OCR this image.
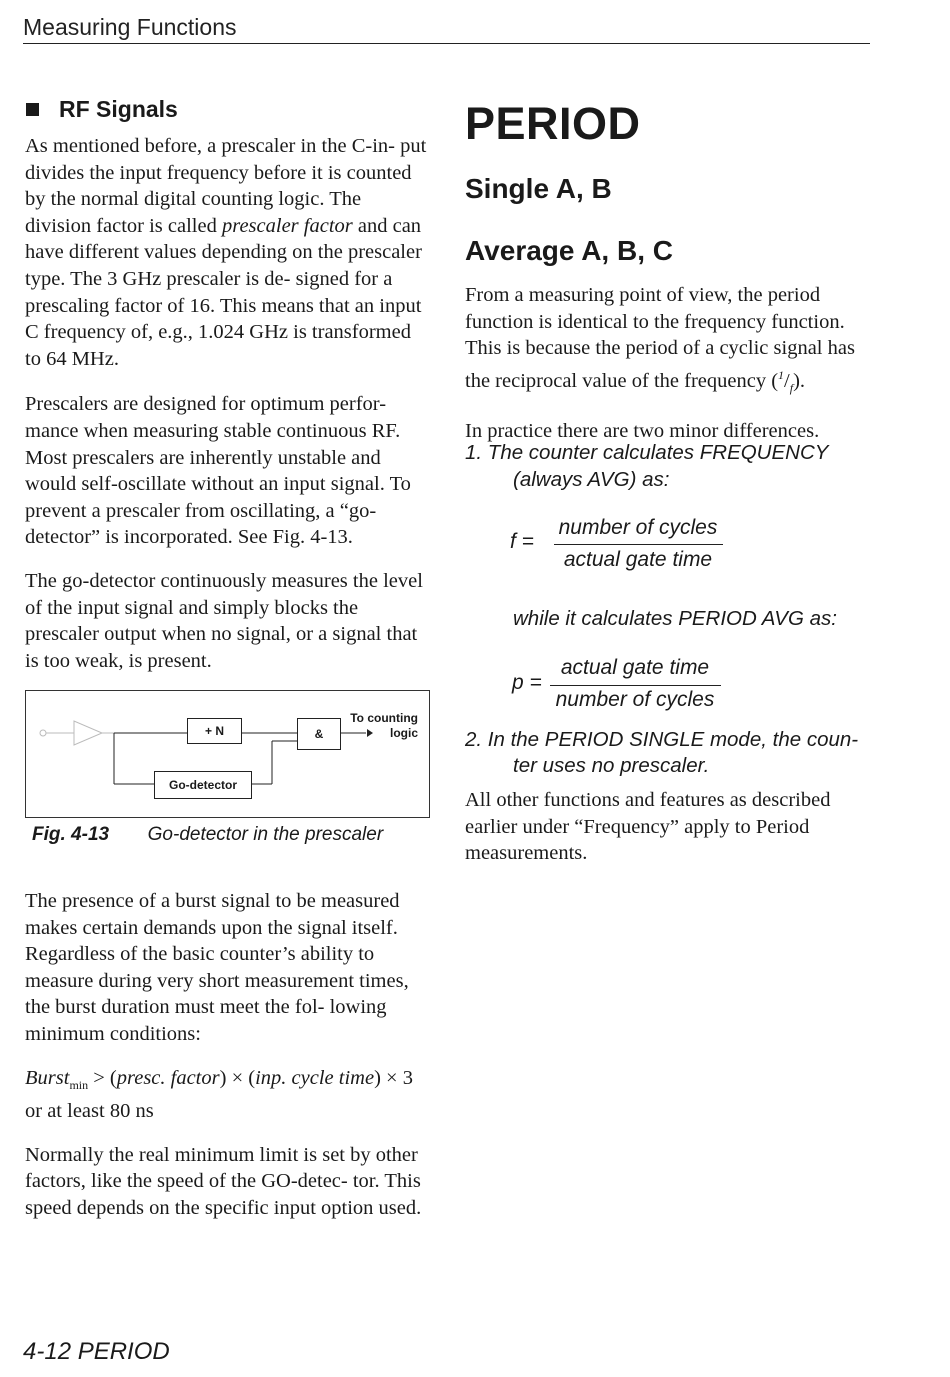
Measuring Functions
RF Signals

As mentioned before, a prescaler in the C-in- put divides the input frequency before it is counted by the normal digital counting logic. The division factor is called prescaler factor and can have different values depending on the prescaler type. The 3 GHz prescaler is de- signed for a prescaling factor of 16. This means that an input C frequency of, e.g., 1.024 GHz is transformed to 64 MHz.

Prescalers are designed for optimum perfor- mance when measuring stable continuous RF. Most prescalers are inherently unstable and would self-oscillate without an input signal. To prevent a prescaler from oscillating, a “go-detector” is incorporated. See Fig. 4-13.

The go-detector continuously measures the level of the input signal and simply blocks the prescaler output when no signal, or a signal that is too weak, is present.

+ N	&
Go-detector
To counting
logic
Fig. 4-13 Go-detector in the prescaler

The presence of a burst signal to be measured makes certain demands upon the signal itself. Regardless of the basic counter’s ability to measure during very short measurement times, the burst duration must meet the fol- lowing minimum conditions:

Burst$_{min}$ > (presc. factor) × (inp. cycle time) × 3

or at least 80 ns

Normally the real minimum limit is set by other factors, like the speed of the GO-detec- tor. This speed depends on the specific input option used.

PERIOD
Single A, B
Average A, B, C

From a measuring point of view, the period function is identical to the frequency function. This is because the period of a cyclic signal has the reciprocal value of the frequency $(^1/_f)$.

In practice there are two minor differences.

1. The counter calculates FREQUENCY
(always AVG) as:
f =
number of cycles
actual gate time
while it calculates PERIOD AVG as:
p =
actual gate time
number of cycles
2. In the PERIOD SINGLE mode, the coun-
ter uses no prescaler.

All other functions and features as described earlier under “Frequency” apply to Period measurements.

4-12 PERIOD
